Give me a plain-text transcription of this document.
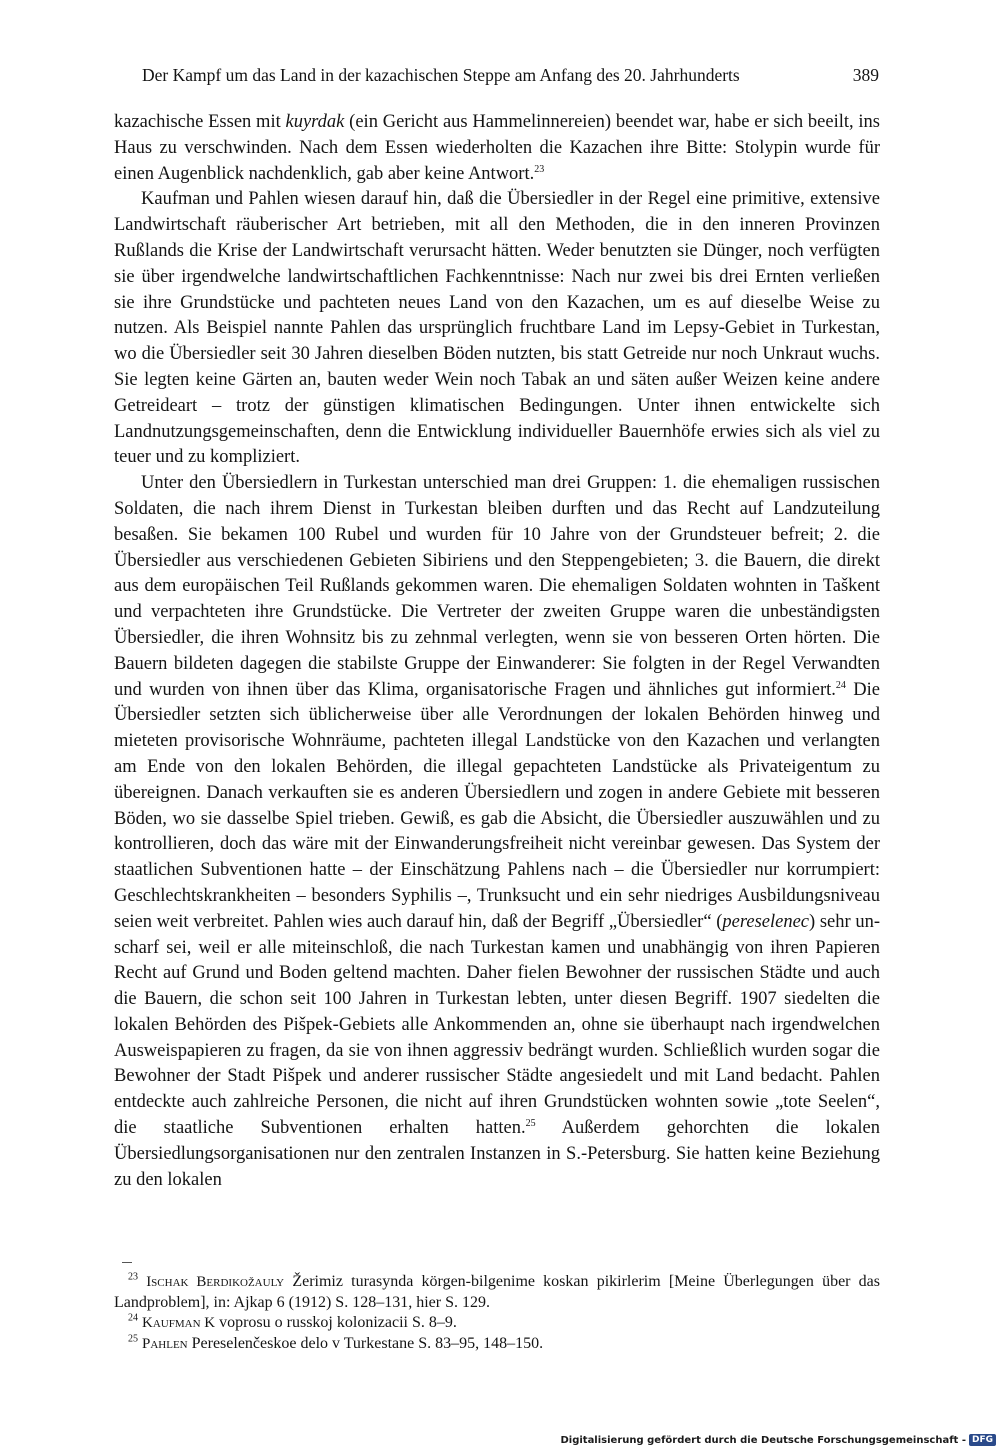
Der Kampf um das Land in der kazachischen Steppe am Anfang des 20. Jahrhunderts	389

kazachische Essen mit kuyrdak (ein Gericht aus Hammelinnereien) beendet war, habe er sich beeilt, ins Haus zu verschwinden. Nach dem Essen wiederholten die Kazachen ihre Bitte: Stolypin wurde für einen Augenblick nachdenklich, gab aber keine Antwort.$^{23}$

Kaufman und Pahlen wiesen darauf hin, daß die Übersiedler in der Regel eine primitive, extensive Landwirtschaft räuberischer Art betrieben, mit all den Methoden, die in den inneren Provinzen Rußlands die Krise der Landwirtschaft verursacht hätten. Weder benutzten sie Dünger, noch verfügten sie über irgendwelche landwirtschaftlichen Fachkenntnisse: Nach nur zwei bis drei Ernten verließen sie ihre Grundstücke und pachteten neues Land von den Kazachen, um es auf dieselbe Weise zu nutzen. Als Beispiel nannte Pahlen das ursprünglich fruchtbare Land im Lepsy-Gebiet in Turkestan, wo die Übersiedler seit 30 Jahren dieselben Böden nutzten, bis statt Getreide nur noch Unkraut wuchs. Sie legten keine Gärten an, bauten weder Wein noch Tabak an und säten außer Weizen keine andere Getreideart – trotz der günstigen klimatischen Bedingungen. Unter ihnen entwickelte sich Landnutzungsgemeinschaften, denn die Entwicklung individueller Bauernhöfe erwies sich als viel zu teuer und zu kompliziert.

Unter den Übersiedlern in Turkestan unterschied man drei Gruppen: 1. die ehemaligen russischen Soldaten, die nach ihrem Dienst in Turkestan bleiben durften und das Recht auf Landzuteilung besaßen. Sie bekamen 100 Rubel und wurden für 10 Jahre von der Grundsteuer befreit; 2. die Übersiedler aus verschiedenen Gebieten Sibiriens und den Steppengebieten; 3. die Bauern, die direkt aus dem europäischen Teil Rußlands gekommen waren. Die ehemaligen Soldaten wohnten in Taškent und verpachteten ihre Grundstücke. Die Vertreter der zweiten Gruppe waren die unbeständigsten Übersiedler, die ihren Wohnsitz bis zu zehnmal verlegten, wenn sie von besseren Orten hörten. Die Bauern bildeten dagegen die stabilste Gruppe der Einwanderer: Sie folgten in der Regel Verwandten und wurden von ihnen über das Klima, organisatorische Fragen und ähnliches gut informiert.$^{24}$ Die Übersiedler setzten sich üblicherweise über alle Verordnungen der lokalen Behörden hinweg und mieteten provisorische Wohnräume, pachteten illegal Landstücke von den Kazachen und verlangten am Ende von den lokalen Behörden, die illegal gepachteten Landstücke als Privateigentum zu übereignen. Danach verkauften sie es anderen Übersiedlern und zogen in andere Gebiete mit besseren Böden, wo sie dasselbe Spiel trieben. Gewiß, es gab die Absicht, die Übersiedler auszuwählen und zu kontrollieren, doch das wäre mit der Einwanderungsfreiheit nicht vereinbar gewesen. Das System der staatlichen Subventionen hatte – der Einschätzung Pahlens nach – die Übersiedler nur korrumpiert: Geschlechtskrankheiten – besonders Syphilis –, Trunksucht und ein sehr niedriges Ausbildungsniveau seien weit verbreitet. Pahlen wies auch darauf hin, daß der Begriff „Übersiedler“ (pereselenec) sehr unscharf sei, weil er alle miteinschloß, die nach Turkestan kamen und unabhängig von ihren Papieren Recht auf Grund und Boden geltend machten. Daher fielen Bewohner der russischen Städte und auch die Bauern, die schon seit 100 Jahren in Turkestan lebten, unter diesen Begriff. 1907 siedelten die lokalen Behörden des Pišpek-Gebiets alle Ankommenden an, ohne sie überhaupt nach irgendwelchen Ausweispapieren zu fragen, da sie von ihnen aggressiv bedrängt wurden. Schließlich wurden sogar die Bewohner der Stadt Pišpek und anderer russischer Städte angesiedelt und mit Land bedacht. Pahlen entdeckte auch zahlreiche Personen, die nicht auf ihren Grundstücken wohnten sowie „tote Seelen“, die staatliche Subventionen erhalten hatten.$^{25}$ Außerdem gehorchten die lokalen Übersiedlungsorganisationen nur den zentralen Instanzen in S.-Petersburg. Sie hatten keine Beziehung zu den lokalen

$^{23}$ Ischak Berdikožauly Žerimiz turasynda körgen-bilgenime koskan pikirlerim [Meine Überlegungen über das Landproblem], in: Ajkap 6 (1912) S. 128–131, hier S. 129.

$^{24}$ Kaufman K voprosu o russkoj kolonizacii S. 8–9.

$^{25}$ Pahlen Pereselenčeskoe delo v Turkestane S. 83–95, 148–150.

Digitalisierung gefördert durch die Deutsche Forschungsgemeinschaft - DFG
